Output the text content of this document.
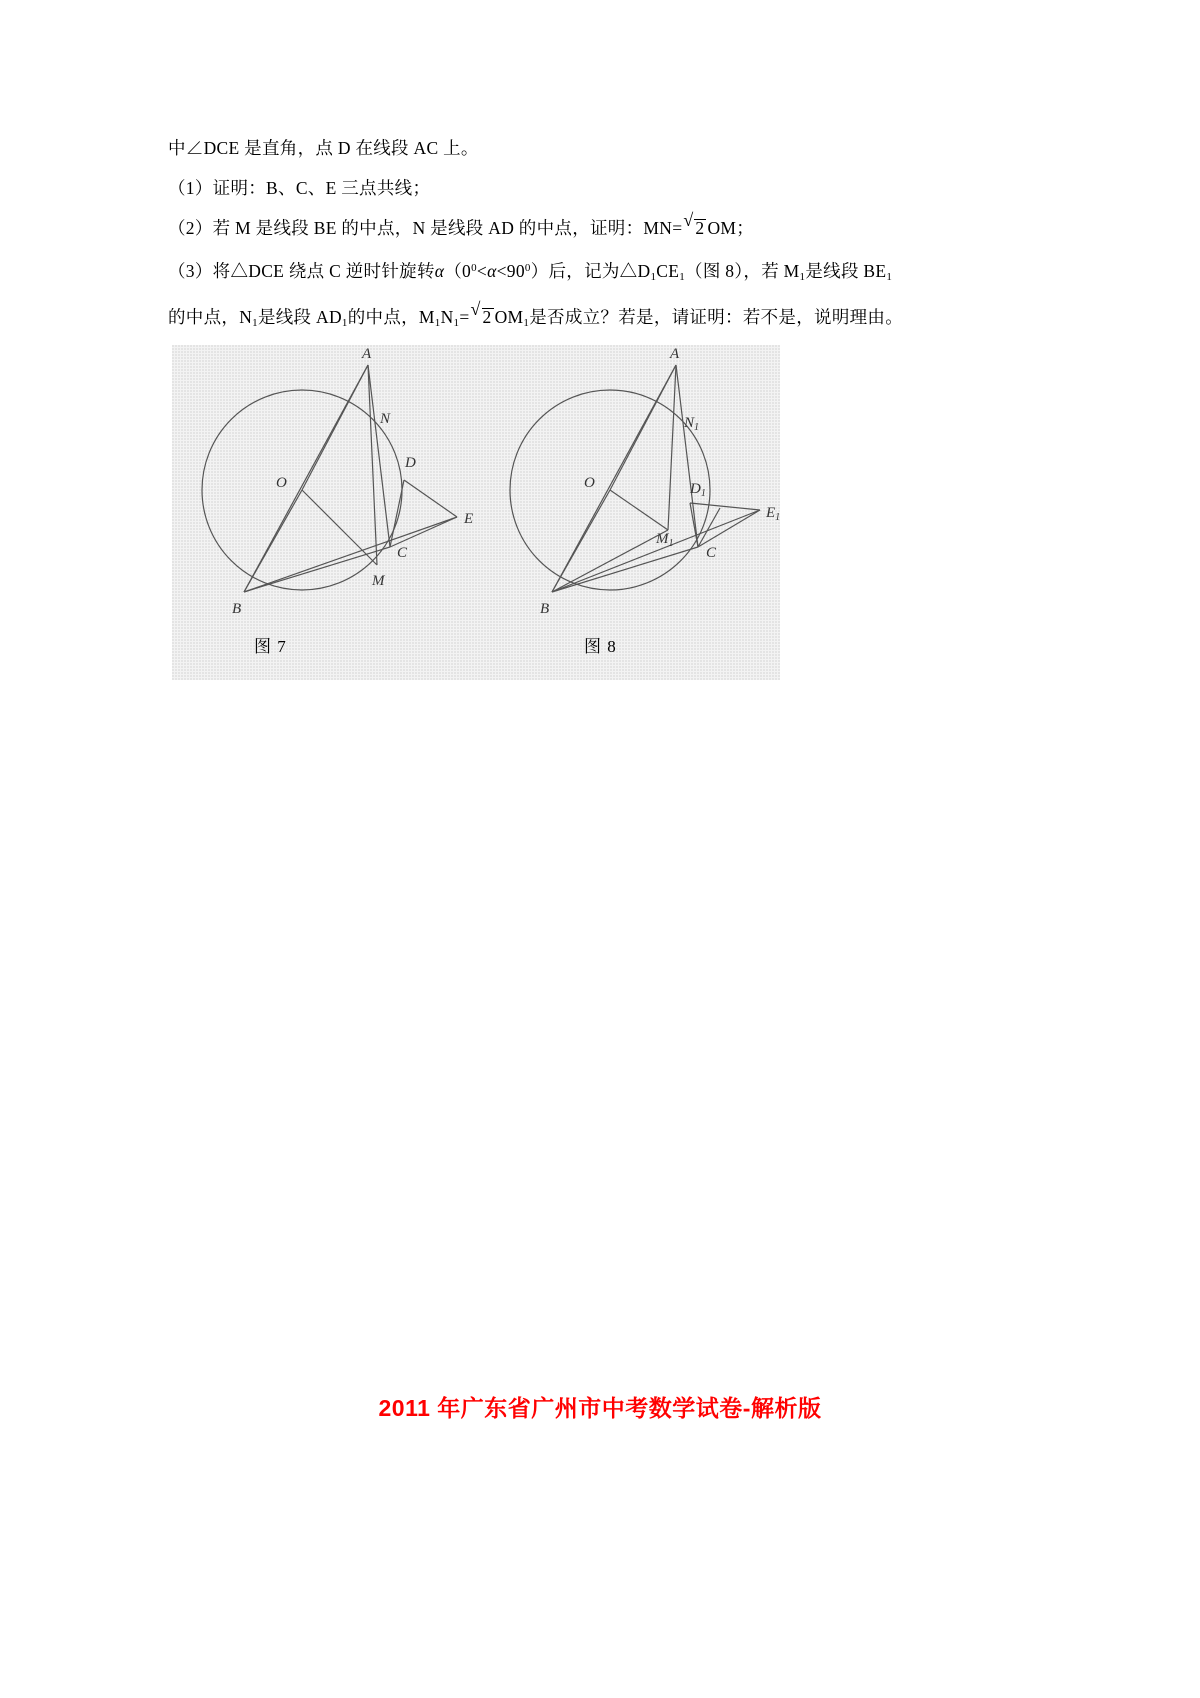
中∠DCE 是直角，点 D 在线段 AC 上。

（1）证明：B、C、E 三点共线；

（2）若 M 是线段 BE 的中点，N 是线段 AD 的中点，证明：MN= √ 2 OM；

（3）将△DCE 绕点 C 逆时针旋转$\alpha(0^0<\alpha<90^0)$后，记为$\triangle D_1CE_1$（图 8），若 $M_1$是线段 $BE_1$

的中点，$N_1$是线段 $AD_1$的中点，$M_1N_1=$ √ 2 $OM_1$是否成立？若是，请证明：若不是，说明理由。

A
N
O
D
E
C
M
B
A
$N_1$
O	$D_1$
$E_1$
C
$M_1$
B
图 7	图 8
2011 年广东省广州市中考数学试卷-解析版
